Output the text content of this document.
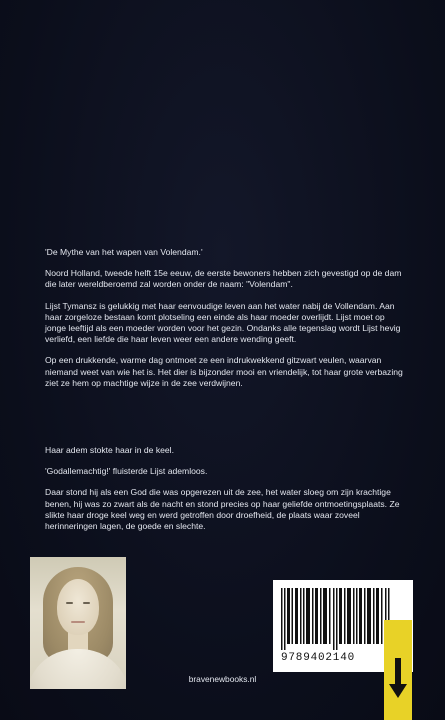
'De Mythe van het wapen van Volendam.'

Noord Holland, tweede helft 15e eeuw, de eerste bewoners hebben zich gevestigd op de dam die later wereldberoemd zal worden onder de naam: "Volendam".

Lijst Tymansz is gelukkig met haar eenvoudige leven aan het water nabij de Vollendam. Aan haar zorgeloze bestaan komt plotseling een einde als haar moeder overlijdt. Lijst moet op jonge leeftijd als een moeder worden voor het gezin. Ondanks alle tegenslag wordt Lijst hevig verliefd, een liefde die haar leven weer een andere wending geeft.

Op een drukkende, warme dag ontmoet ze een indrukwekkend gitzwart veulen, waarvan niemand weet van wie het is. Het dier is bijzonder mooi en vriendelijk, tot haar grote verbazing ziet ze hem op machtige wijze in de zee verdwijnen.

Haar adem stokte haar in de keel.

'Godallemachtig!' fluisterde Lijst ademloos.

Daar stond hij als een God die was opgerezen uit de zee, het water sloeg om zijn krachtige benen, hij was zo zwart als de nacht en stond precies op haar geliefde ontmoetingsplaats. Ze slikte haar droge keel weg en werd getroffen door droefheid, de plaats waar zoveel herinneringen lagen, de goede en slechte.

bravenewbooks.nl
9789402140
